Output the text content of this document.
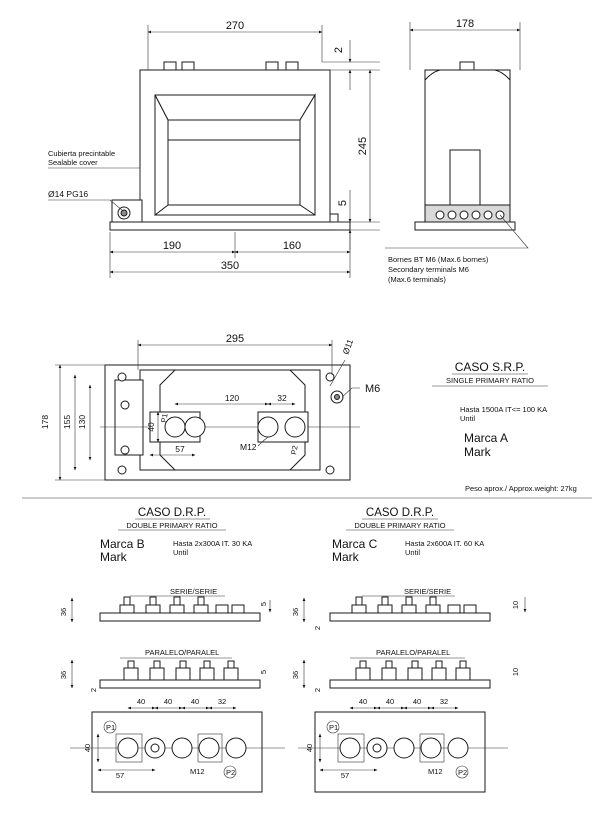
270
2
245
5
190	160
350
Cubierta precintable
Sealable cover
Ø14 PG16
178
Bornes BT M6 (Max.6 bornes)
Secondary terminals M6
(Max.6 terminals)
295	Ø11
178 155 130
120	32
40
57	M12
M6
P1
P2
CASO S.R.P.
SINGLE PRIMARY RATIO
Hasta 1500A IT<= 100 KA
Until
Marca A
Mark
Peso aprox./ Approx.weight: 27kg
CASO D.R.P.
DOUBLE PRIMARY RATIO
Marca B
Mark
Hasta 2x300A IT. 30 KA
Until
SERIE/SERIE
36
5
PARALELO/PARALEL
36
2
5
40 40 40 32
40
57	M12
P1
P2
CASO D.R.P.
DOUBLE PRIMARY RATIO
Marca C
Mark
Hasta 2x600A IT. 60 KA
Until
SERIE/SERIE
36
2
10
PARALELO/PARALEL
36
2
10
40 40 40 32
40
57	M12
P1
P2
